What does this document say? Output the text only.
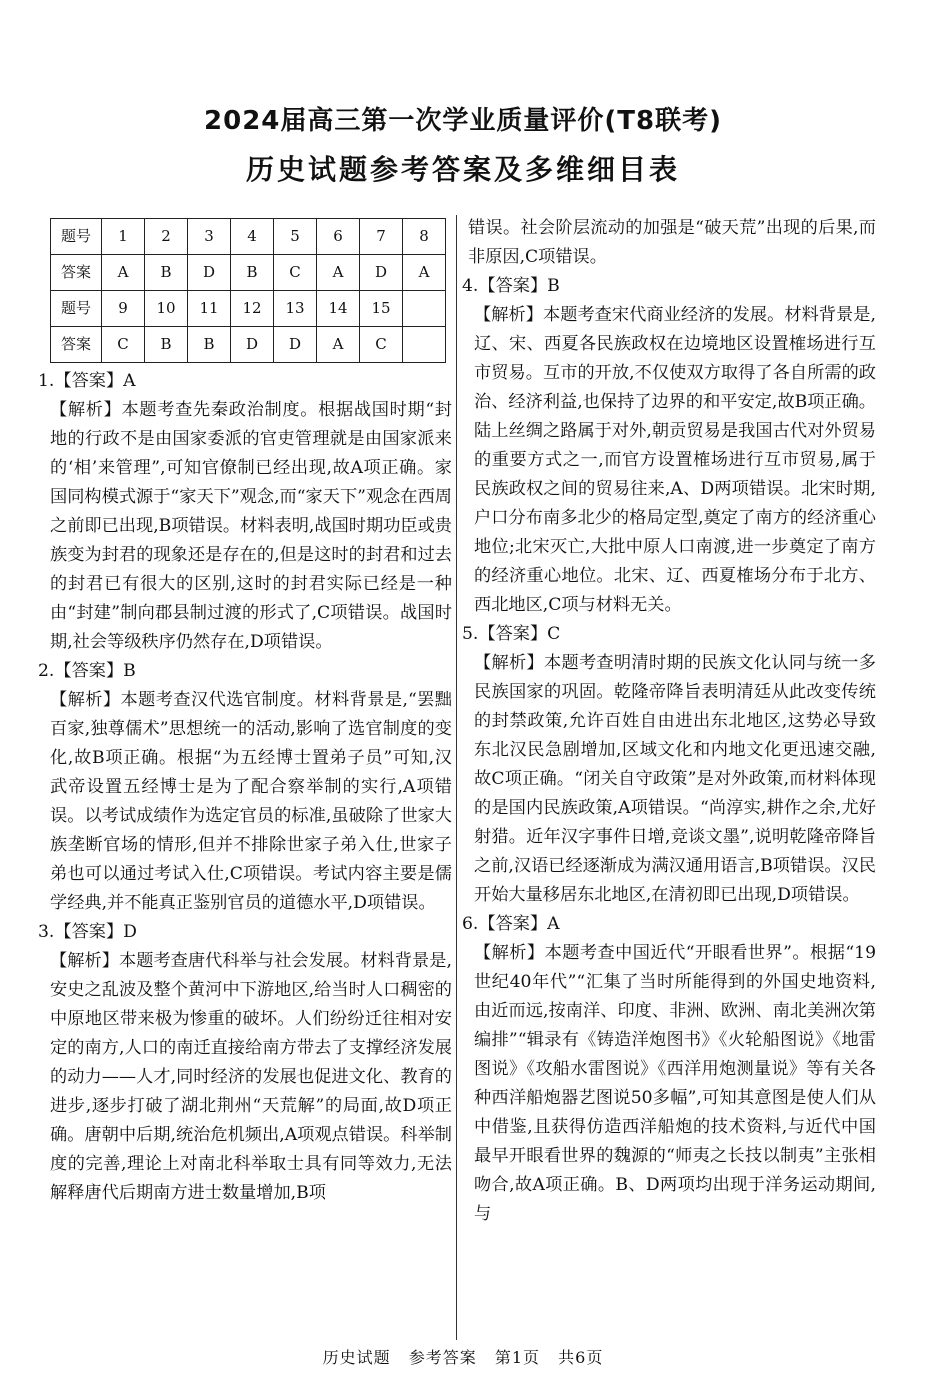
2024届高三第一次学业质量评价(T8联考)
历史试题参考答案及多维细目表
题号	1	2	3	4	5	6	7	8
答案	A	B	D	B	C	A	D	A
题号	9	10	11	12	13	14	15	
答案	C	B	B	D	D	A	C	
1.【答案】A
【解析】本题考查先秦政治制度。根据战国时期“封地的行政不是由国家委派的官吏管理就是由国家派来的‘相’来管理”,可知官僚制已经出现,故A项正确。家国同构模式源于“家天下”观念,而“家天下”观念在西周之前即已出现,B项错误。材料表明,战国时期功臣或贵族变为封君的现象还是存在的,但是这时的封君和过去的封君已有很大的区别,这时的封君实际已经是一种由“封建”制向郡县制过渡的形式了,C项错误。战国时期,社会等级秩序仍然存在,D项错误。
2.【答案】B
【解析】本题考查汉代选官制度。材料背景是,“罢黜百家,独尊儒术”思想统一的活动,影响了选官制度的变化,故B项正确。根据“为五经博士置弟子员”可知,汉武帝设置五经博士是为了配合察举制的实行,A项错误。以考试成绩作为选定官员的标准,虽破除了世家大族垄断官场的情形,但并不排除世家子弟入仕,世家子弟也可以通过考试入仕,C项错误。考试内容主要是儒学经典,并不能真正鉴别官员的道德水平,D项错误。
3.【答案】D
【解析】本题考查唐代科举与社会发展。材料背景是,安史之乱波及整个黄河中下游地区,给当时人口稠密的中原地区带来极为惨重的破坏。人们纷纷迁往相对安定的南方,人口的南迁直接给南方带去了支撑经济发展的动力——人才,同时经济的发展也促进文化、教育的进步,逐步打破了湖北荆州“天荒解”的局面,故D项正确。唐朝中后期,统治危机频出,A项观点错误。科举制度的完善,理论上对南北科举取士具有同等效力,无法解释唐代后期南方进士数量增加,B项
错误。社会阶层流动的加强是“破天荒”出现的后果,而非原因,C项错误。
4.【答案】B
【解析】本题考查宋代商业经济的发展。材料背景是,辽、宋、西夏各民族政权在边境地区设置榷场进行互市贸易。互市的开放,不仅使双方取得了各自所需的政治、经济利益,也保持了边界的和平安定,故B项正确。陆上丝绸之路属于对外,朝贡贸易是我国古代对外贸易的重要方式之一,而官方设置榷场进行互市贸易,属于民族政权之间的贸易往来,A、D两项错误。北宋时期,户口分布南多北少的格局定型,奠定了南方的经济重心地位;北宋灭亡,大批中原人口南渡,进一步奠定了南方的经济重心地位。北宋、辽、西夏榷场分布于北方、西北地区,C项与材料无关。
5.【答案】C
【解析】本题考查明清时期的民族文化认同与统一多民族国家的巩固。乾隆帝降旨表明清廷从此改变传统的封禁政策,允许百姓自由进出东北地区,这势必导致东北汉民急剧增加,区域文化和内地文化更迅速交融,故C项正确。“闭关自守政策”是对外政策,而材料体现的是国内民族政策,A项错误。“尚淳实,耕作之余,尤好射猎。近年汉字事件日增,竞谈文墨”,说明乾隆帝降旨之前,汉语已经逐渐成为满汉通用语言,B项错误。汉民开始大量移居东北地区,在清初即已出现,D项错误。
6.【答案】A
【解析】本题考查中国近代“开眼看世界”。根据“19世纪40年代”“汇集了当时所能得到的外国史地资料,由近而远,按南洋、印度、非洲、欧洲、南北美洲次第编排”“辑录有《铸造洋炮图书》《火轮船图说》《地雷图说》《攻船水雷图说》《西洋用炮测量说》等有关各种西洋船炮器艺图说50多幅”,可知其意图是使人们从中借鉴,且获得仿造西洋船炮的技术资料,与近代中国最早开眼看世界的魏源的“师夷之长技以制夷”主张相吻合,故A项正确。B、D两项均出现于洋务运动期间,与
历史试题 参考答案 第1页 共6页
